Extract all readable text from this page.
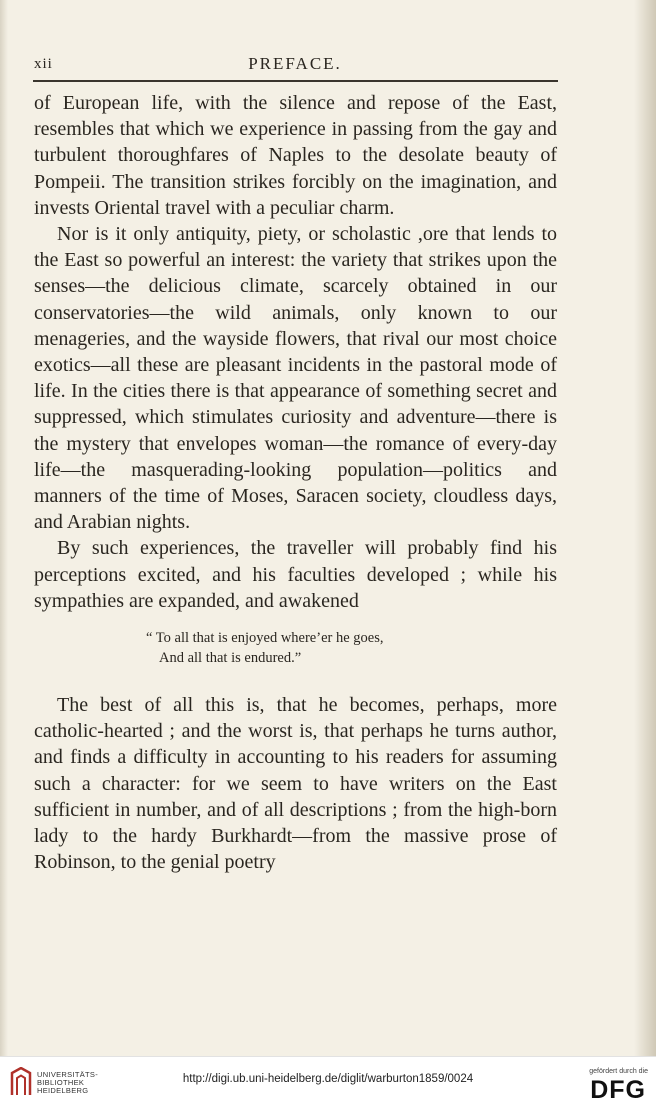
xii	PREFACE.

of European life, with the silence and repose of the East, resembles that which we experience in passing from the gay and turbulent thoroughfares of Naples to the desolate beauty of Pompeii. The transition strikes forcibly on the imagination, and invests Oriental travel with a peculiar charm.

Nor is it only antiquity, piety, or scholastic ,ore that lends to the East so powerful an interest: the variety that strikes upon the senses—the delicious climate, scarcely obtained in our conservatories—the wild animals, only known to our menageries, and the wayside flowers, that rival our most choice exotics—all these are pleasant incidents in the pastoral mode of life. In the cities there is that appearance of something secret and suppressed, which stimulates curiosity and adventure—there is the mystery that envelopes woman—the romance of every-day life—the masquerading-looking population—politics and manners of the time of Moses, Saracen society, cloudless days, and Arabian nights.

By such experiences, the traveller will probably find his perceptions excited, and his faculties developed ; while his sympathies are expanded, and awakened

“ To all that is enjoyed where’er he goes,
And all that is endured.”

The best of all this is, that he becomes, perhaps, more catholic-hearted ; and the worst is, that perhaps he turns author, and finds a difficulty in accounting to his readers for assuming such a character: for we seem to have writers on the East sufficient in number, and of all descriptions ; from the high-born lady to the hardy Burkhardt—from the massive prose of Robinson, to the genial poetry

UNIVERSITÄTS-
BIBLIOTHEK
HEIDELBERG
http://digi.ub.uni-heidelberg.de/diglit/warburton1859/0024
gefördert durch die
DFG
